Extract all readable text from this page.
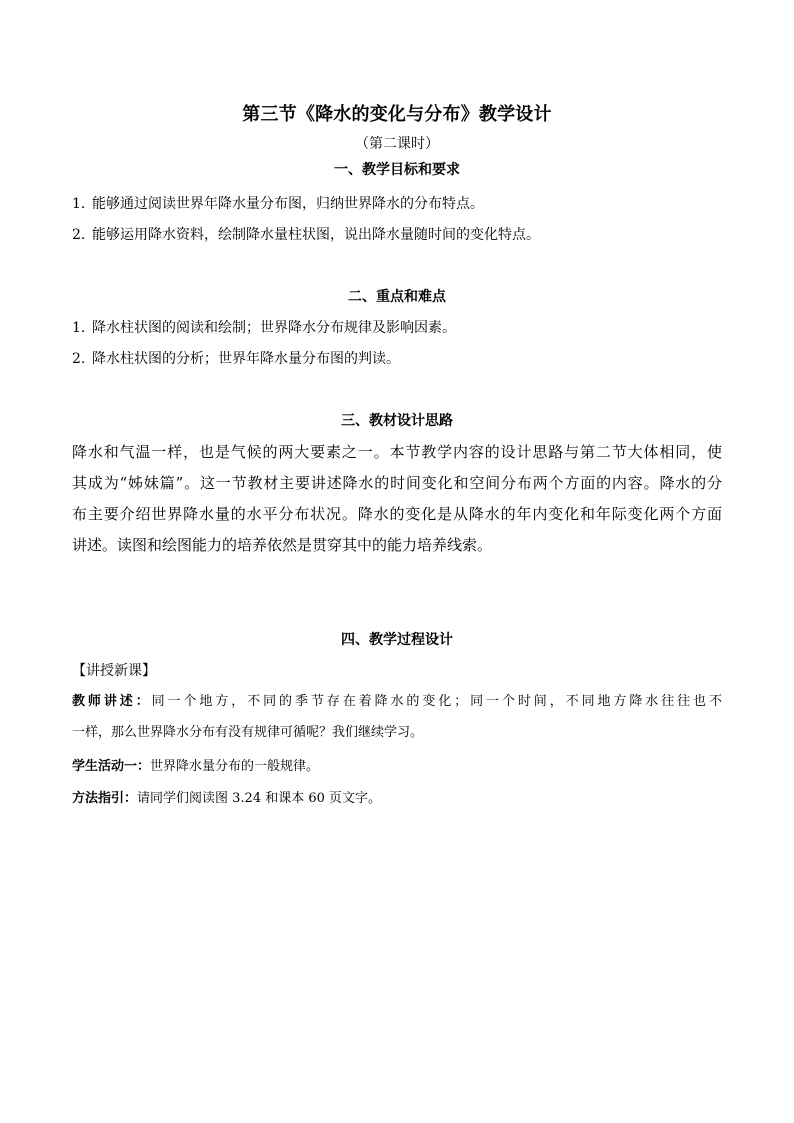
第三节《降水的变化与分布》教学设计
（第二课时）
一、教学目标和要求
1. 能够通过阅读世界年降水量分布图，归纳世界降水的分布特点。
2. 能够运用降水资料，绘制降水量柱状图，说出降水量随时间的变化特点。
二、重点和难点
1. 降水柱状图的阅读和绘制；世界降水分布规律及影响因素。
2. 降水柱状图的分析；世界年降水量分布图的判读。
三、教材设计思路
降水和气温一样，也是气候的两大要素之一。本节教学内容的设计思路与第二节大体相同，使
其成为“姊妹篇”。这一节教材主要讲述降水的时间变化和空间分布两个方面的内容。降水的分
布主要介绍世界降水量的水平分布状况。降水的变化是从降水的年内变化和年际变化两个方面
讲述。读图和绘图能力的培养依然是贯穿其中的能力培养线索。
四、教学过程设计
【讲授新课】
教师讲述：同一个地方，不同的季节存在着降水的变化；同一个时间，不同地方降水往往也不
一样，那么世界降水分布有没有规律可循呢？我们继续学习。
学生活动一：世界降水量分布的一般规律。
方法指引：请同学们阅读图 3.24 和课本 60 页文字。
